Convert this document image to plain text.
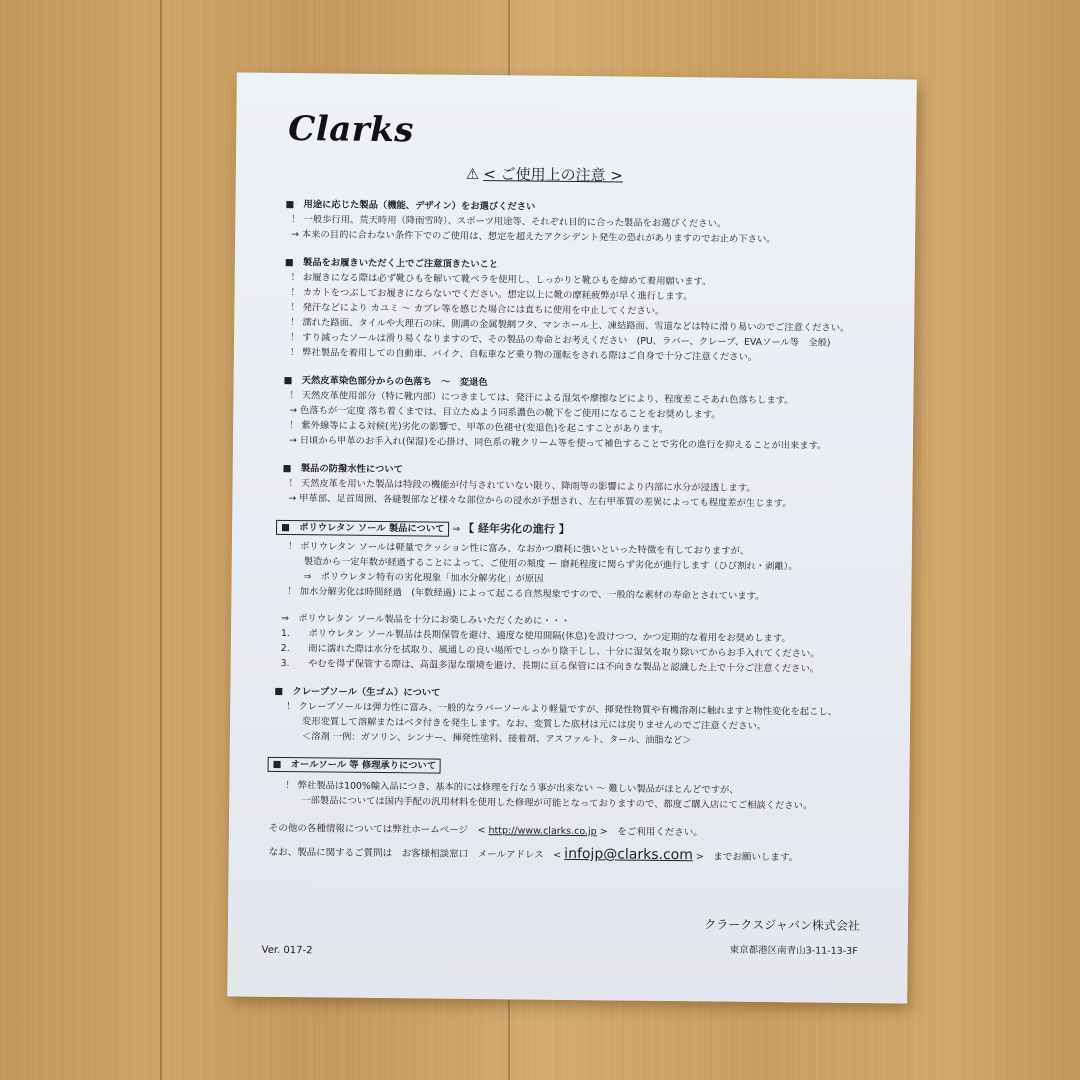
Clarks
⚠ < ご使用上の注意 >
■　用途に応じた製品（機能、デザイン）をお選びください
！ 一般歩行用、荒天時用（降雨雪時）、スポーツ用途等、それぞれ目的に合った製品をお選びください。
→ 本来の目的に合わない条件下でのご使用は、想定を超えたアクシデント発生の恐れがありますのでお止め下さい。
■　製品をお履きいただく上でご注意頂きたいこと
！ お履きになる際は必ず靴ひもを解いて靴ベラを使用し、しっかりと靴ひもを締めて着用願います。
！ カカトをつぶしてお履きにならないでください。想定以上に靴の摩耗疲弊が早く進行します。
！ 発汗などにより カユミ ～ カブレ等を感じた場合には直ちに使用を中止してください。
！ 濡れた路面、タイルや大理石の床、側溝の金属製網フタ、マンホール上、凍結路面、雪道などは特に滑り易いのでご注意ください。
！ すり減ったソールは滑り易くなりますので、その製品の寿命とお考えください　(PU、ラバー、クレープ、EVAソール等　全般)
！ 弊社製品を着用しての自動車、バイク、自転車など乗り物の運転をされる際はご自身で十分ご注意ください。
■　天然皮革染色部分からの色落ち　～　変退色
！ 天然皮革使用部分（特に靴内部）につきましては、発汗による湿気や摩擦などにより、程度差こそあれ色落ちします。
→ 色落ちが一定度 落ち着くまでは、目立たぬよう同系濃色の靴下をご使用になることをお奨めします。
！ 紫外線等による対候(光)劣化の影響で、甲革の色褪せ(変退色)を起こすことがあります。
→ 日頃から甲革のお手入れ(保湿)を心掛け、同色系の靴クリーム等を使って補色することで劣化の進行を抑えることが出来ます。
■　製品の防撥水性について
！ 天然皮革を用いた製品は特段の機能が付与されていない限り、降雨等の影響により内部に水分が浸透します。
→ 甲革部、足首周囲、各縫製部など様々な部位からの浸水が予想され、左右甲革質の差異によっても程度差が生じます。
■　ポリウレタン ソール 製品について ⇒ 【 経年劣化の進行 】
！ ポリウレタン ソールは軽量でクッション性に富み、なおかつ磨耗に強いといった特徴を有しておりますが、
製造から一定年数が経過することによって、ご使用の頻度 ー 磨耗程度に関らず劣化が進行します（ひび割れ・剥離）。
⇒　ポリウレタン特有の劣化現象「加水分解劣化」が原因
！ 加水分解劣化は時間経過　(年数経過) によって起こる自然現象ですので、一般的な素材の寿命とされています。
⇒　ポリウレタン ソール製品を十分にお楽しみいただくために・・・
1.　　ポリウレタン ソール製品は長期保管を避け、適度な使用間隔(休息)を設けつつ、かつ定期的な着用をお奨めします。
2.　　雨に濡れた際は水分を拭取り、風通しの良い場所でしっかり陰干しし、十分に湿気を取り除いてからお手入れてください。
3.　　やむを得ず保管する際は、高温多湿な環境を避け、長期に亘る保管には不向きな製品と認識した上で十分ご注意ください。
■　クレープソール（生ゴム）について
！ クレープソールは弾力性に富み、一般的なラバーソールより軽量ですが、揮発性物質や有機溶剤に触れますと物性変化を起こし、
変形変質して溶解またはベタ付きを発生します。なお、変質した底材は元には戻りませんのでご注意ください。
＜溶剤 一例：ガソリン、シンナー、揮発性塗料、接着剤、アスファルト、タール、油脂など＞
■　オールソール 等 修理承りについて
！ 弊社製品は100%輸入品につき、基本的には修理を行なう事が出来ない ～ 難しい製品がほとんどですが、
一部製品については国内手配の汎用材料を使用した修理が可能となっておりますので、都度ご購入店にてご相談ください。
その他の各種情報については弊社ホームページ　< http://www.clarks.co.jp >　をご利用ください。
なお、製品に関するご質問は　お客様相談窓口　メールアドレス　< infojp@clarks.com >　までお願いします。
クラークスジャパン株式会社
東京都港区南青山3-11-13-3F
Ver. 017-2
